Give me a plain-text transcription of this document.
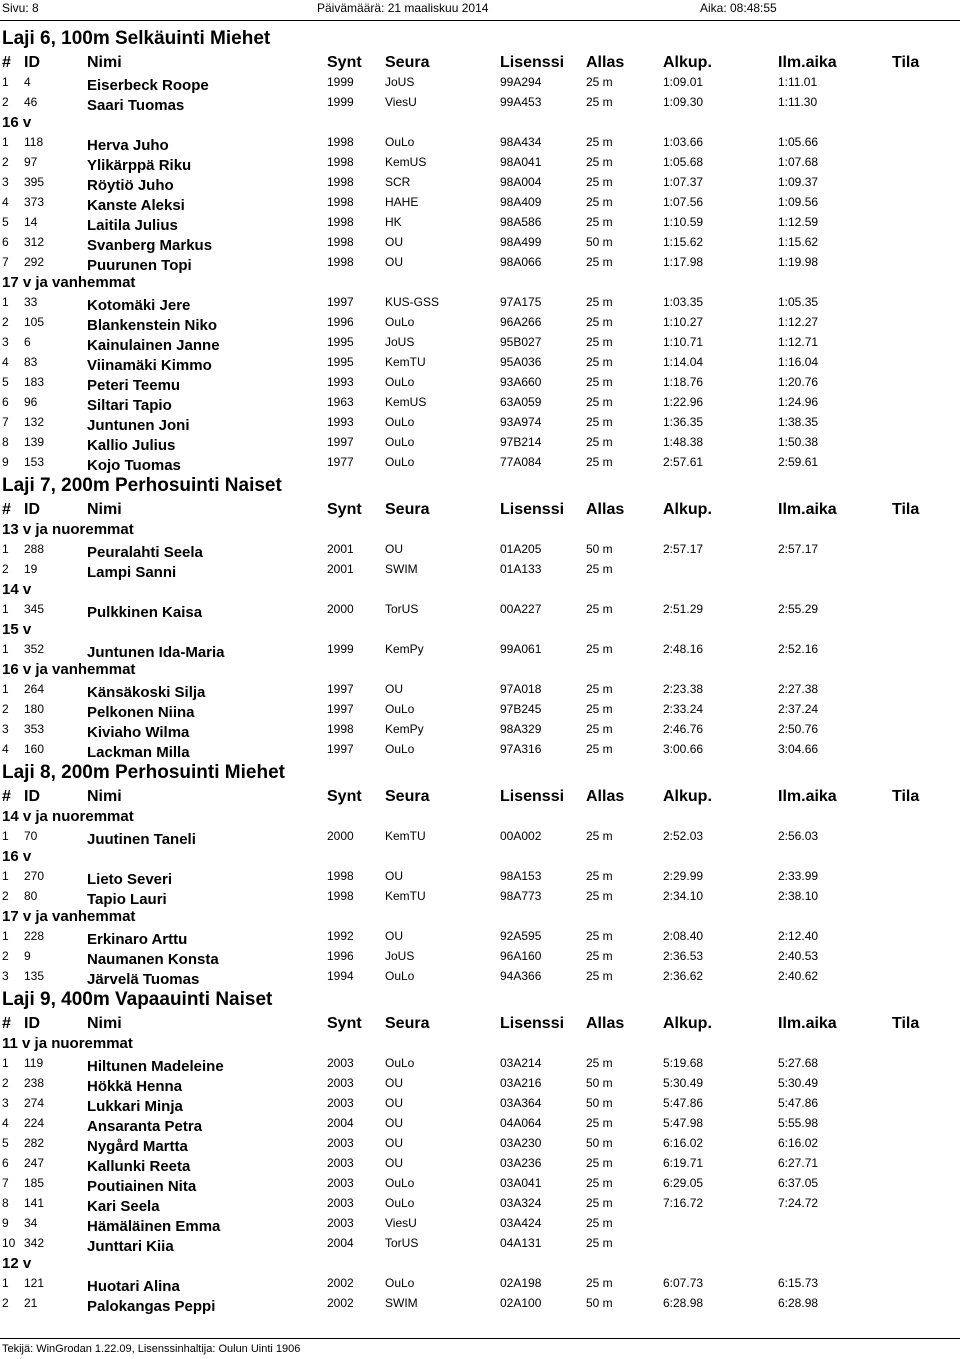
Sivu: 8	Päivämäärä: 21 maaliskuu 2014	Aika: 08:48:55
Laji 6, 100m Selkäuinti Miehet
# ID	Nimi	Synt Seura	Lisenssi Allas Alkup.	Ilm.aika	Tila
1 4	Eiserbeck Roope	1999	JoUS	99A294	25 m	1:09.01	1:11.01
2 46	Saari Tuomas	1999	ViesU	99A453	25 m	1:09.30	1:11.30
16 v
1 118	Herva Juho	1998	OuLo	98A434	25 m	1:03.66	1:05.66
2 97	Ylikärppä Riku	1998	KemUS	98A041	25 m	1:05.68	1:07.68
3 395	Röytiö Juho	1998	SCR	98A004	25 m	1:07.37	1:09.37
4 373	Kanste Aleksi	1998	HAHE	98A409	25 m	1:07.56	1:09.56
5 14	Laitila Julius	1998	HK	98A586	25 m	1:10.59	1:12.59
6 312	Svanberg Markus	1998	OU	98A499	50 m	1:15.62	1:15.62
7 292	Puurunen Topi	1998	OU	98A066	25 m	1:17.98	1:19.98
17 v ja vanhemmat
1 33	Kotomäki Jere	1997	KUS-GSS	97A175	25 m	1:03.35	1:05.35
2 105	Blankenstein Niko	1996	OuLo	96A266	25 m	1:10.27	1:12.27
3 6	Kainulainen Janne	1995	JoUS	95B027	25 m	1:10.71	1:12.71
4 83	Viinamäki Kimmo	1995	KemTU	95A036	25 m	1:14.04	1:16.04
5 183	Peteri Teemu	1993	OuLo	93A660	25 m	1:18.76	1:20.76
6 96	Siltari Tapio	1963	KemUS	63A059	25 m	1:22.96	1:24.96
7 132	Juntunen Joni	1993	OuLo	93A974	25 m	1:36.35	1:38.35
8 139	Kallio Julius	1997	OuLo	97B214	25 m	1:48.38	1:50.38
9 153	Kojo Tuomas	1977	OuLo	77A084	25 m	2:57.61	2:59.61
Laji 7, 200m Perhosuinti Naiset
# ID	Nimi	Synt Seura	Lisenssi Allas Alkup.	Ilm.aika	Tila
13 v ja nuoremmat
1 288	Peuralahti Seela	2001	OU	01A205	50 m	2:57.17	2:57.17
2 19	Lampi Sanni	2001	SWIM	01A133	25 m
14 v
1 345	Pulkkinen Kaisa	2000	TorUS	00A227	25 m	2:51.29	2:55.29
15 v
1 352	Juntunen Ida-Maria	1999	KemPy	99A061	25 m	2:48.16	2:52.16
16 v ja vanhemmat
1 264	Känsäkoski Silja	1997	OU	97A018	25 m	2:23.38	2:27.38
2 180	Pelkonen Niina	1997	OuLo	97B245	25 m	2:33.24	2:37.24
3 353	Kiviaho Wilma	1998	KemPy	98A329	25 m	2:46.76	2:50.76
4 160	Lackman Milla	1997	OuLo	97A316	25 m	3:00.66	3:04.66
Laji 8, 200m Perhosuinti Miehet
# ID	Nimi	Synt Seura	Lisenssi Allas Alkup.	Ilm.aika	Tila
14 v ja nuoremmat
1 70	Juutinen Taneli	2000	KemTU	00A002	25 m	2:52.03	2:56.03
16 v
1 270	Lieto Severi	1998	OU	98A153	25 m	2:29.99	2:33.99
2 80	Tapio Lauri	1998	KemTU	98A773	25 m	2:34.10	2:38.10
17 v ja vanhemmat
1 228	Erkinaro Arttu	1992	OU	92A595	25 m	2:08.40	2:12.40
2 9	Naumanen Konsta	1996	JoUS	96A160	25 m	2:36.53	2:40.53
3 135	Järvelä Tuomas	1994	OuLo	94A366	25 m	2:36.62	2:40.62
Laji 9, 400m Vapaauinti Naiset
# ID	Nimi	Synt Seura	Lisenssi Allas Alkup.	Ilm.aika	Tila
11 v ja nuoremmat
1 119	Hiltunen Madeleine	2003	OuLo	03A214	25 m	5:19.68	5:27.68
2 238	Hökkä Henna	2003	OU	03A216	50 m	5:30.49	5:30.49
3 274	Lukkari Minja	2003	OU	03A364	50 m	5:47.86	5:47.86
4 224	Ansaranta Petra	2004	OU	04A064	25 m	5:47.98	5:55.98
5 282	Nygård Martta	2003	OU	03A230	50 m	6:16.02	6:16.02
6 247	Kallunki Reeta	2003	OU	03A236	25 m	6:19.71	6:27.71
7 185	Poutiainen Nita	2003	OuLo	03A041	25 m	6:29.05	6:37.05
8 141	Kari Seela	2003	OuLo	03A324	25 m	7:16.72	7:24.72
9 34	Hämäläinen Emma	2003	ViesU	03A424	25 m
10 342	Junttari Kiia	2004	TorUS	04A131	25 m
12 v
1 121	Huotari Alina	2002	OuLo	02A198	25 m	6:07.73	6:15.73
2 21	Palokangas Peppi	2002	SWIM	02A100	50 m	6:28.98	6:28.98
Tekijä: WinGrodan 1.22.09, Lisenssinhaltija: Oulun Uinti 1906
